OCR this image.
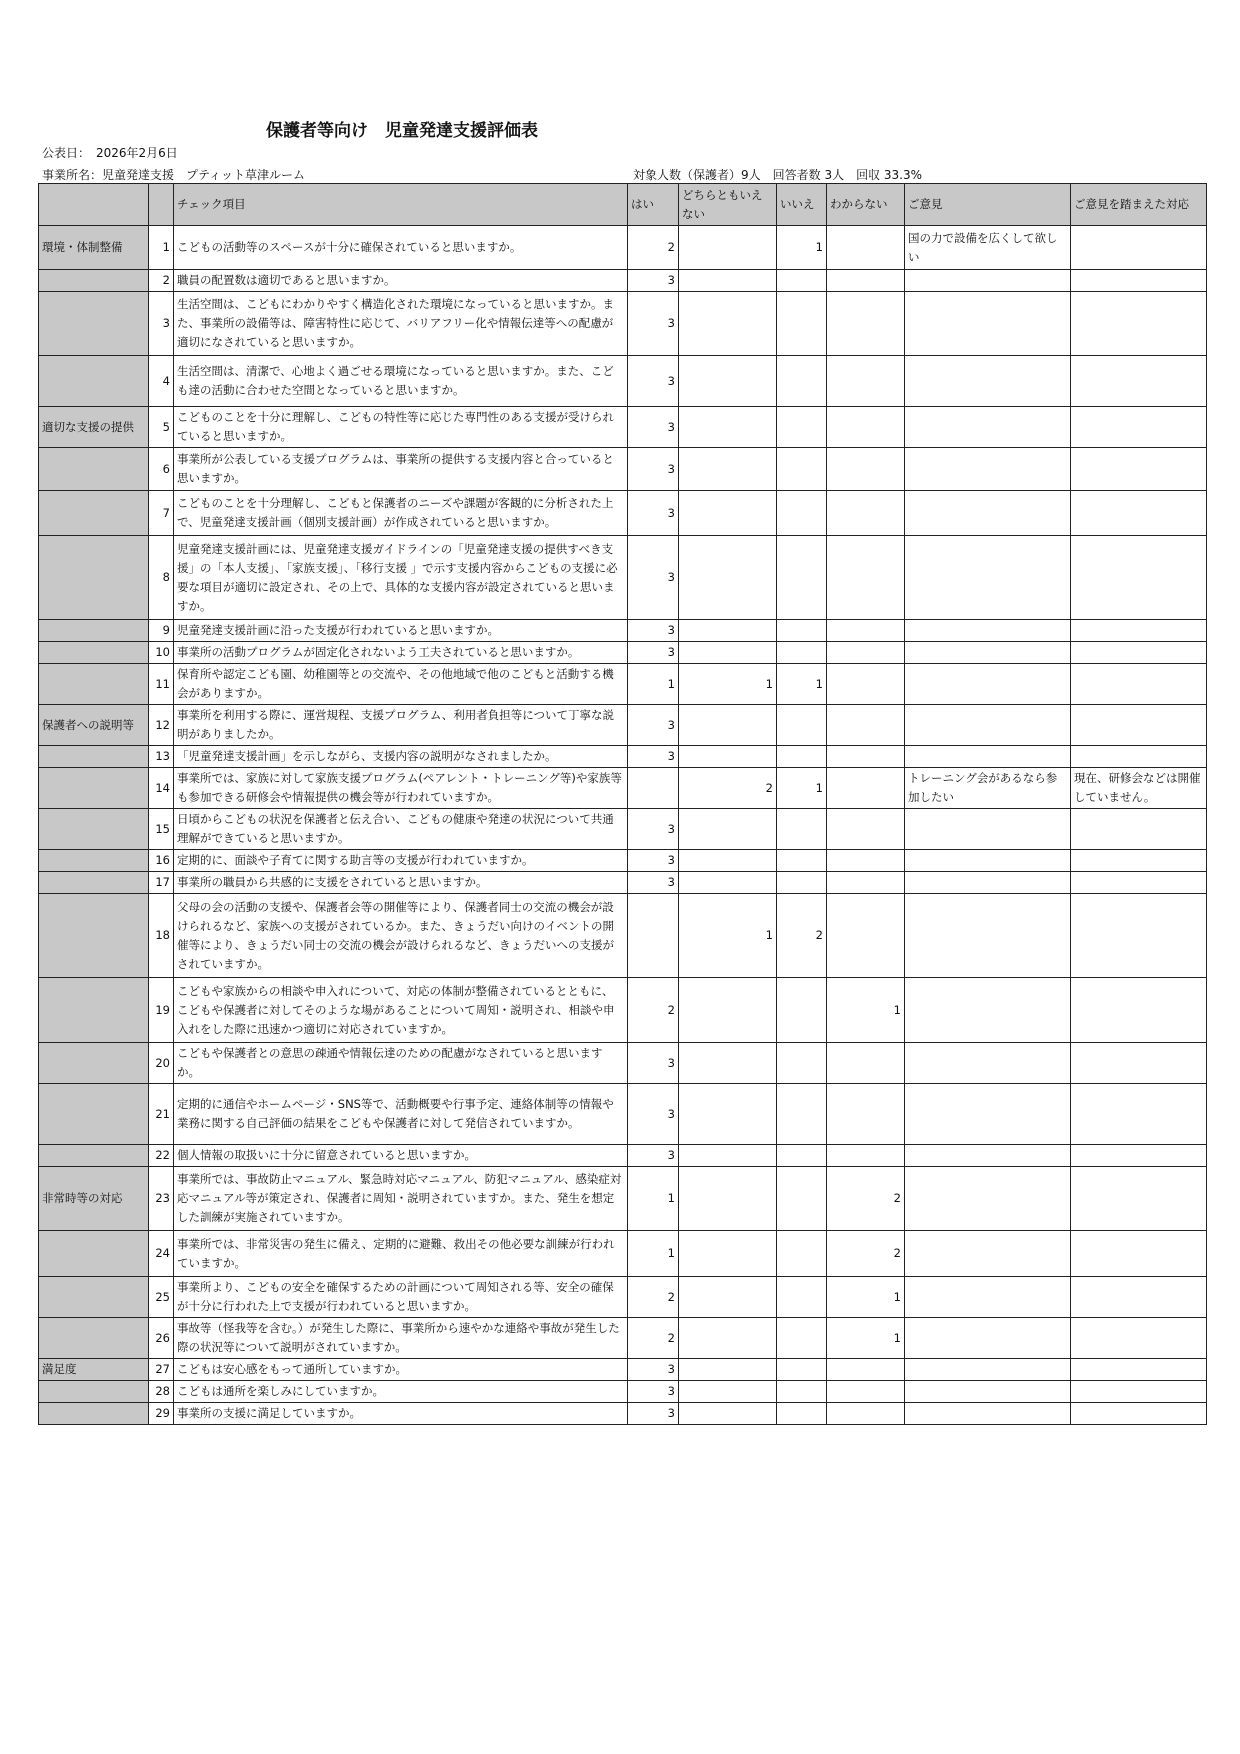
保護者等向け　児童発達支援評価表
公表日：　2026年2月6日
事業所名：児童発達支援　プティット草津ルーム	対象人数（保護者）9人　回答者数 3人　回収 33.3%
		チェック項目	はい	どちらともいえない	いいえ	わからない	ご意見	ご意見を踏まえた対応
環境・体制整備	1	こどもの活動等のスペースが十分に確保されていると思いますか。	2		1		国の力で設備を広くして欲しい	
	2	職員の配置数は適切であると思いますか。	3					
	3	生活空間は、こどもにわかりやすく構造化された環境になっていると思いますか。また、事業所の設備等は、障害特性に応じて、バリアフリー化や情報伝達等への配慮が適切になされていると思いますか。	3					
	4	生活空間は、清潔で、心地よく過ごせる環境になっていると思いますか。また、こども達の活動に合わせた空間となっていると思いますか。	3					
適切な支援の提供	5	こどものことを十分に理解し、こどもの特性等に応じた専門性のある支援が受けられていると思いますか。	3					
	6	事業所が公表している支援プログラムは、事業所の提供する支援内容と合っていると思いますか。	3					
	7	こどものことを十分理解し、こどもと保護者のニーズや課題が客観的に分析された上で、児童発達支援計画（個別支援計画）が作成されていると思いますか。	3					
	8	児童発達支援計画には、児童発達支援ガイドラインの「児童発達支援の提供すべき支援」の「本人支援」、「家族支援」、「移行支援 」で示す支援内容からこどもの支援に必要な項目が適切に設定され、その上で、具体的な支援内容が設定されていると思いますか。	3					
	9	児童発達支援計画に沿った支援が行われていると思いますか。	3					
	10	事業所の活動プログラムが固定化されないよう工夫されていると思いますか。	3					
	11	保育所や認定こども園、幼稚園等との交流や、その他地域で他のこどもと活動する機会がありますか。	1	1	1			
保護者への説明等	12	事業所を利用する際に、運営規程、支援プログラム、利用者負担等について丁寧な説明がありましたか。	3					
	13	「児童発達支援計画」を示しながら、支援内容の説明がなされましたか。	3					
	14	事業所では、家族に対して家族支援プログラム(ペアレント・トレーニング等)や家族等も参加できる研修会や情報提供の機会等が行われていますか。		2	1		トレーニング会があるなら参加したい	現在、研修会などは開催していません。
	15	日頃からこどもの状況を保護者と伝え合い、こどもの健康や発達の状況について共通理解ができていると思いますか。	3					
	16	定期的に、面談や子育てに関する助言等の支援が行われていますか。	3					
	17	事業所の職員から共感的に支援をされていると思いますか。	3					
	18	父母の会の活動の支援や、保護者会等の開催等により、保護者同士の交流の機会が設けられるなど、家族への支援がされているか。また、きょうだい向けのイベントの開催等により、きょうだい同士の交流の機会が設けられるなど、きょうだいへの支援がされていますか。		1	2			
	19	こどもや家族からの相談や申入れについて、対応の体制が整備されているとともに、こどもや保護者に対してそのような場があることについて周知・説明され、相談や申入れをした際に迅速かつ適切に対応されていますか。	2			1		
	20	こどもや保護者との意思の疎通や情報伝達のための配慮がなされていると思いますか。	3					
	21	定期的に通信やホームページ・SNS等で、活動概要や行事予定、連絡体制等の情報や業務に関する自己評価の結果をこどもや保護者に対して発信されていますか。	3					
	22	個人情報の取扱いに十分に留意されていると思いますか。	3					
非常時等の対応	23	事業所では、事故防止マニュアル、緊急時対応マニュアル、防犯マニュアル、感染症対応マニュアル等が策定され、保護者に周知・説明されていますか。また、発生を想定した訓練が実施されていますか。	1			2		
	24	事業所では、非常災害の発生に備え、定期的に避難、救出その他必要な訓練が行われていますか。	1			2		
	25	事業所より、こどもの安全を確保するための計画について周知される等、安全の確保が十分に行われた上で支援が行われていると思いますか。	2			1		
	26	事故等（怪我等を含む。）が発生した際に、事業所から速やかな連絡や事故が発生した際の状況等について説明がされていますか。	2			1		
満足度	27	こどもは安心感をもって通所していますか。	3					
	28	こどもは通所を楽しみにしていますか。	3					
	29	事業所の支援に満足していますか。	3					
